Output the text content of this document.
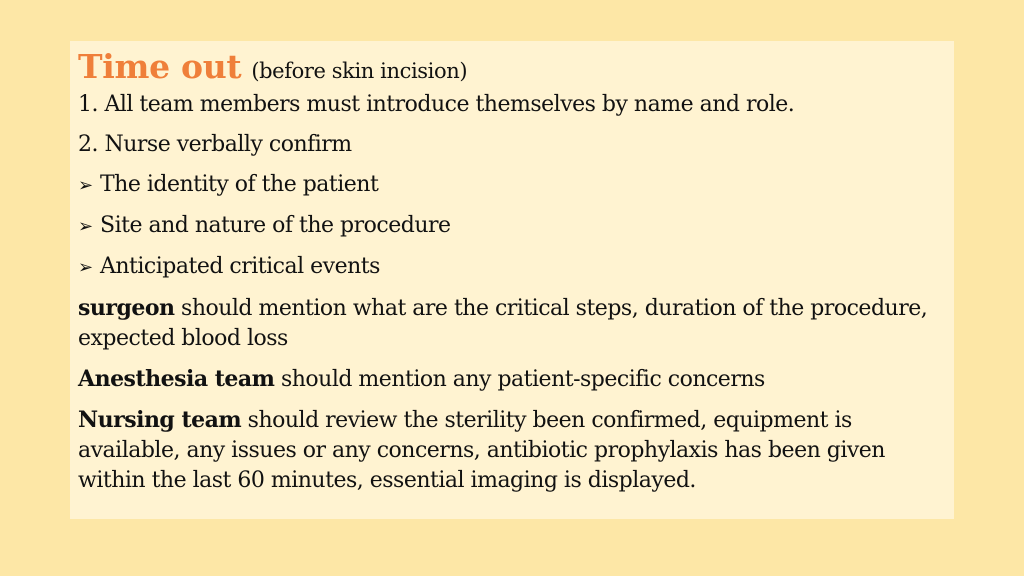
Time out (before skin incision)

1. All team members must introduce themselves by name and role.

2. Nurse verbally confirm

➢ The identity of the patient
➢ Site and nature of the procedure
➢ Anticipated critical events

surgeon should mention what are the critical steps, duration of the procedure, expected blood loss

Anesthesia team should mention any patient-specific concerns

Nursing team should review the sterility been confirmed, equipment is available, any issues or any concerns, antibiotic prophylaxis has been given within the last 60 minutes, essential imaging is displayed.
